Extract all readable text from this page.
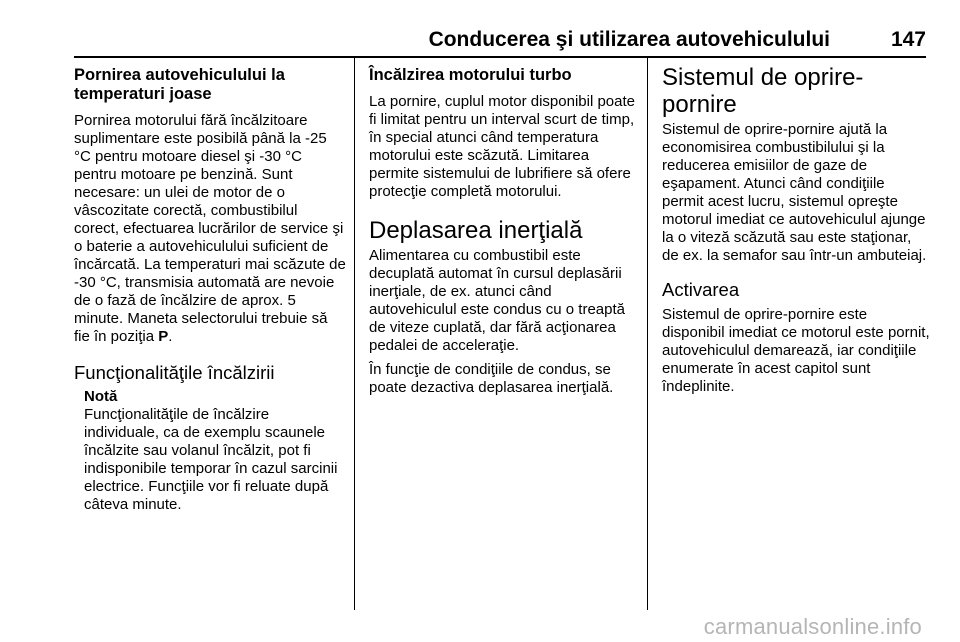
Conducerea şi utilizarea autovehiculului	147
Pornirea autovehiculului la temperaturi joase

Pornirea motorului fără încălzitoare suplimentare este posibilă până la -25 °C pentru motoare diesel şi -30 °C pentru motoare pe benzină. Sunt necesare: un ulei de motor de o vâscozitate corectă, combustibilul corect, efectuarea lucrărilor de service şi o baterie a autovehiculului suficient de încărcată. La temperaturi mai scăzute de -30 °C, transmisia automată are nevoie de o fază de încălzire de aprox. 5 minute. Maneta selectorului trebuie să fie în poziţia P.

Funcţionalităţile încălzirii
Notă

Funcţionalităţile de încălzire individuale, ca de exemplu scaunele încălzite sau volanul încălzit, pot fi indisponibile temporar în cazul sarcinii electrice. Funcţiile vor fi reluate după câteva minute.

Încălzirea motorului turbo

La pornire, cuplul motor disponibil poate fi limitat pentru un interval scurt de timp, în special atunci când temperatura motorului este scăzută. Limitarea permite sistemului de lubrifiere să ofere protecţie completă motorului.

Deplasarea inerţială

Alimentarea cu combustibil este decuplată automat în cursul deplasării inerţiale, de ex. atunci când autovehiculul este condus cu o treaptă de viteze cuplată, dar fără acţionarea pedalei de acceleraţie.

În funcţie de condiţiile de condus, se poate dezactiva deplasarea inerţială.

Sistemul de oprire-pornire

Sistemul de oprire-pornire ajută la economisirea combustibilului şi la reducerea emisiilor de gaze de eşapament. Atunci când condiţiile permit acest lucru, sistemul opreşte motorul imediat ce autovehiculul ajunge la o viteză scăzută sau este staţionar, de ex. la semafor sau într-un ambuteiaj.

Activarea

Sistemul de oprire-pornire este disponibil imediat ce motorul este pornit, autovehiculul demarează, iar condiţiile enumerate în acest capitol sunt îndeplinite.

carmanualsonline.info
